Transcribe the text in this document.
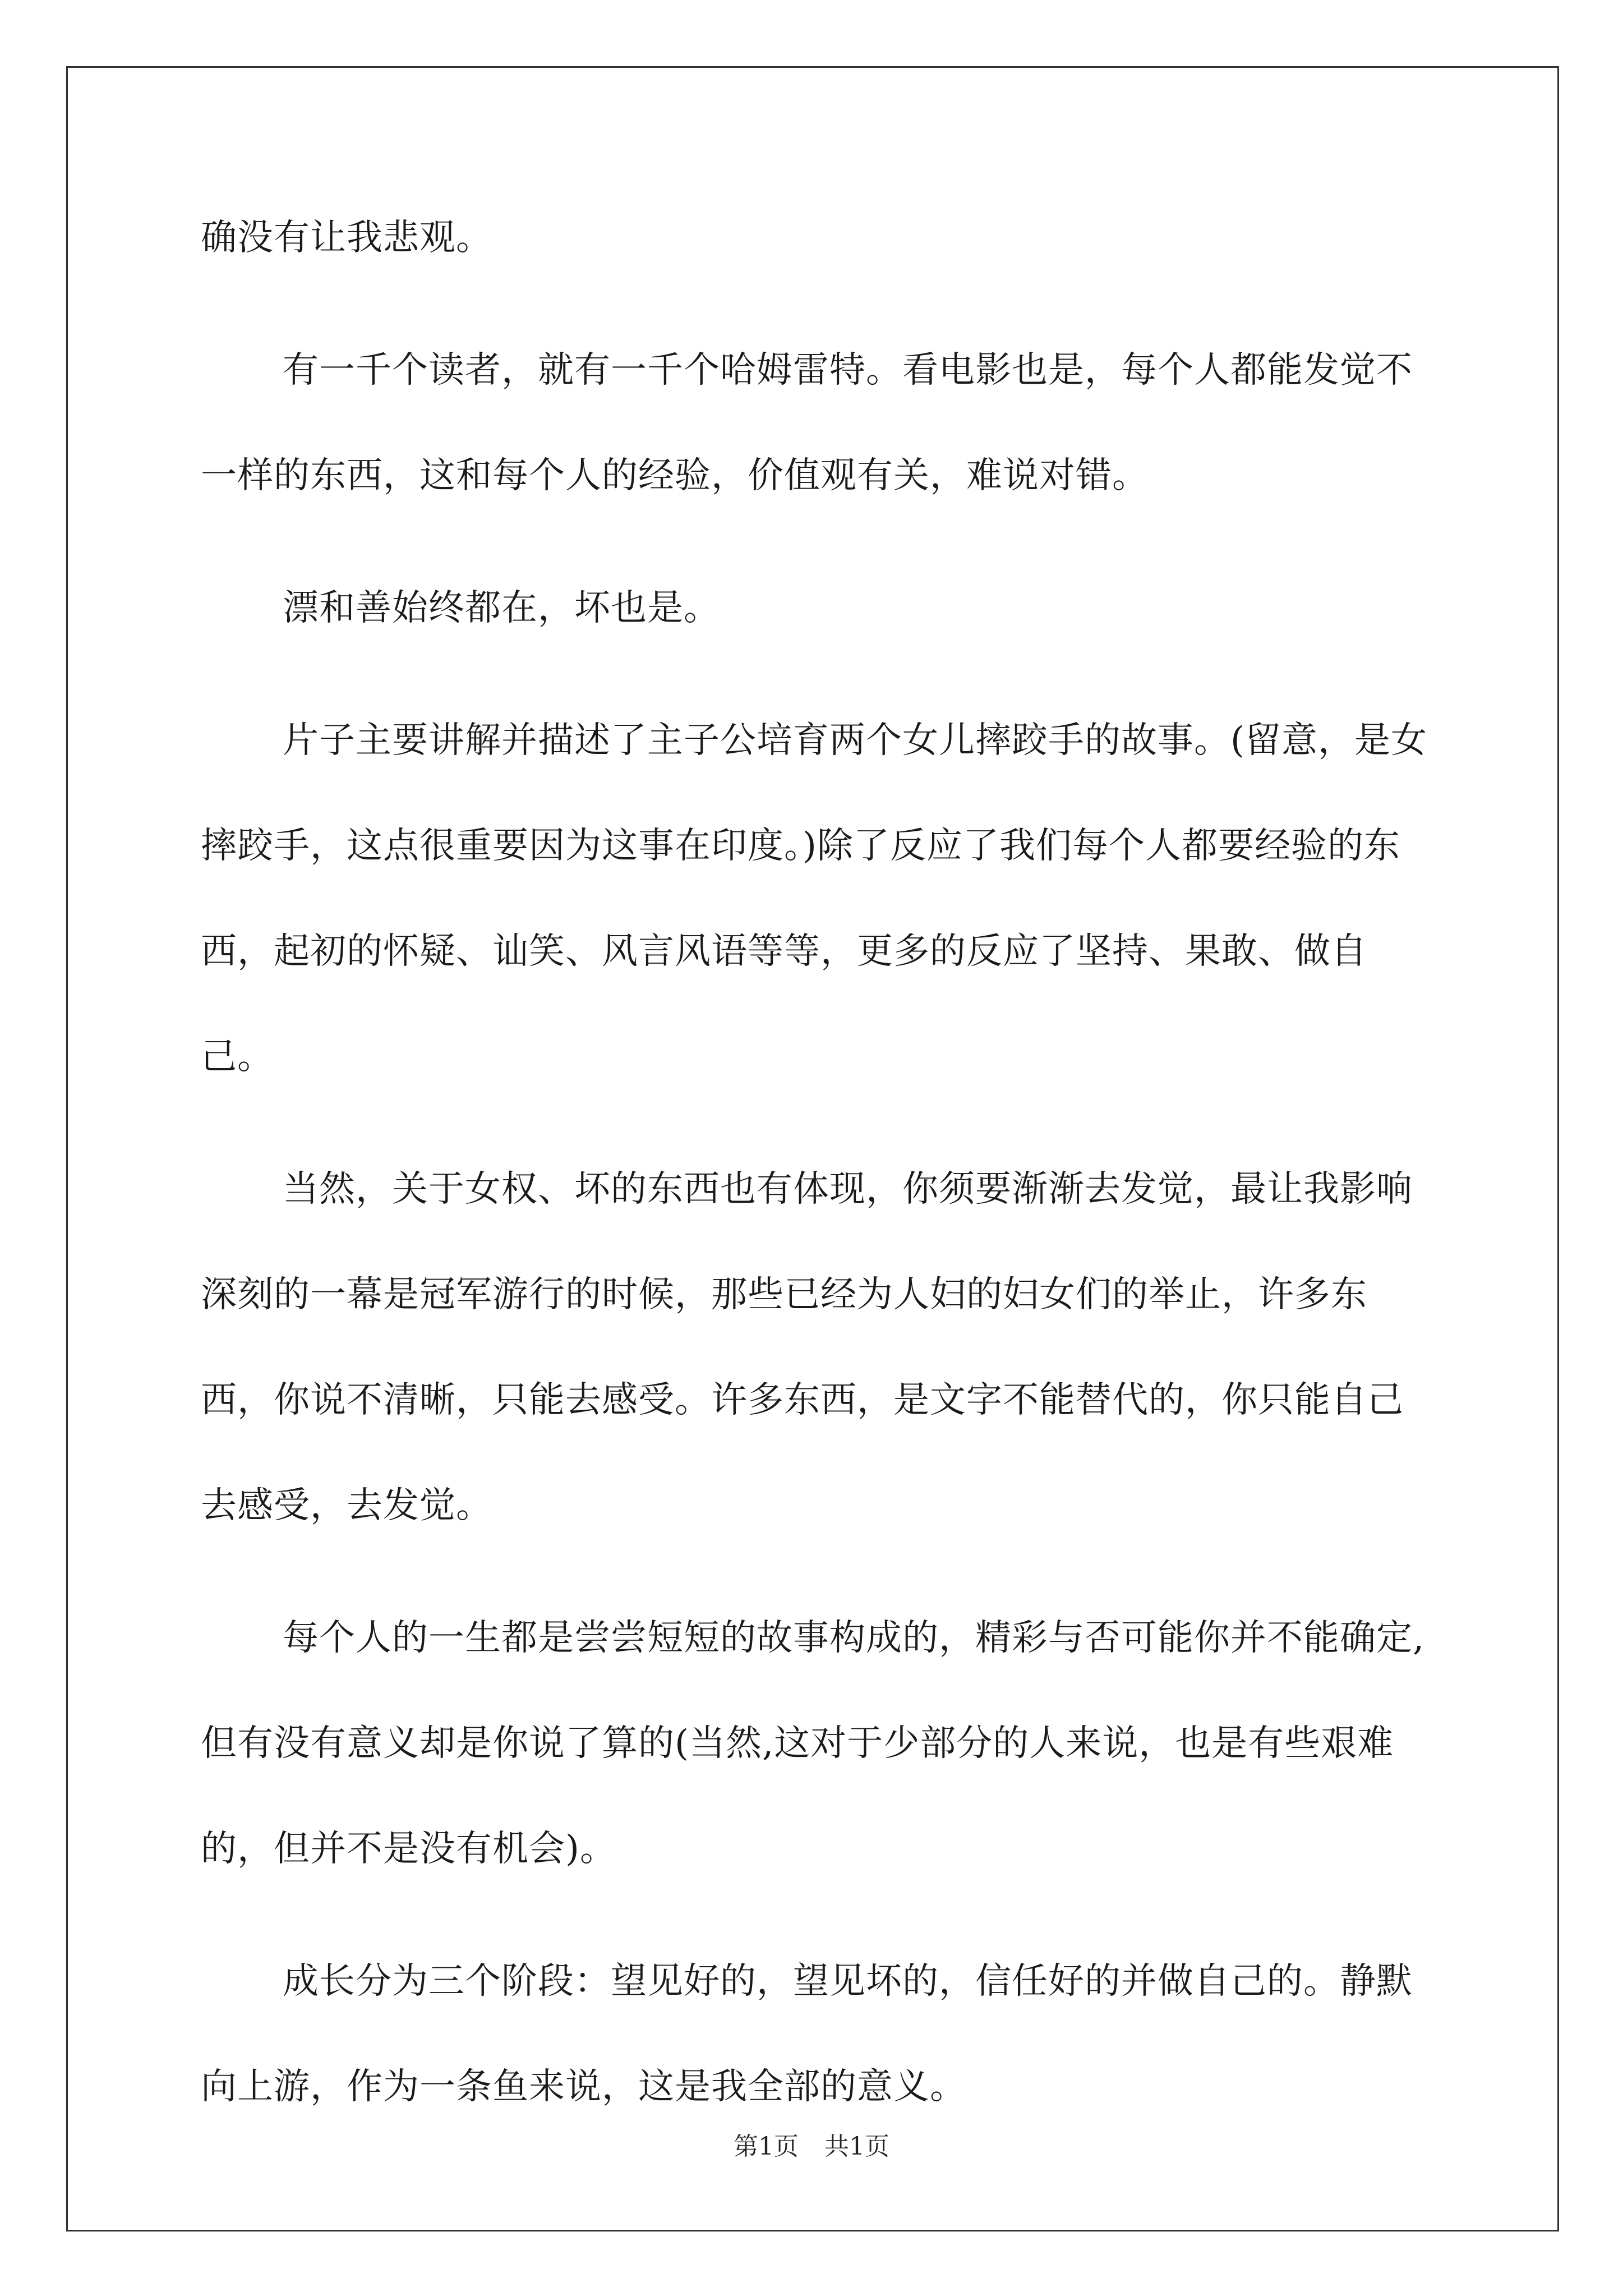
确没有让我悲观。

有一千个读者，就有一千个哈姆雷特。看电影也是，每个人都能发觉不一样的东西，这和每个人的经验，价值观有关，难说对错。

漂和善始终都在，坏也是。

片子主要讲解并描述了主子公培育两个女儿摔跤手的故事。(留意，是女摔跤手，这点很重要因为这事在印度。)除了反应了我们每个人都要经验的东西，起初的怀疑、讪笑、风言风语等等，更多的反应了坚持、果敢、做自己。

当然，关于女权、坏的东西也有体现，你须要渐渐去发觉，最让我影响深刻的一幕是冠军游行的时候，那些已经为人妇的妇女们的举止，许多东西，你说不清晰，只能去感受。许多东西，是文字不能替代的，你只能自己去感受，去发觉。

每个人的一生都是尝尝短短的故事构成的，精彩与否可能你并不能确定,但有没有意义却是你说了算的(当然,这对于少部分的人来说，也是有些艰难的，但并不是没有机会)。

成长分为三个阶段：望见好的，望见坏的，信任好的并做自己的。静默向上游，作为一条鱼来说，这是我全部的意义。

第1页 共1页
